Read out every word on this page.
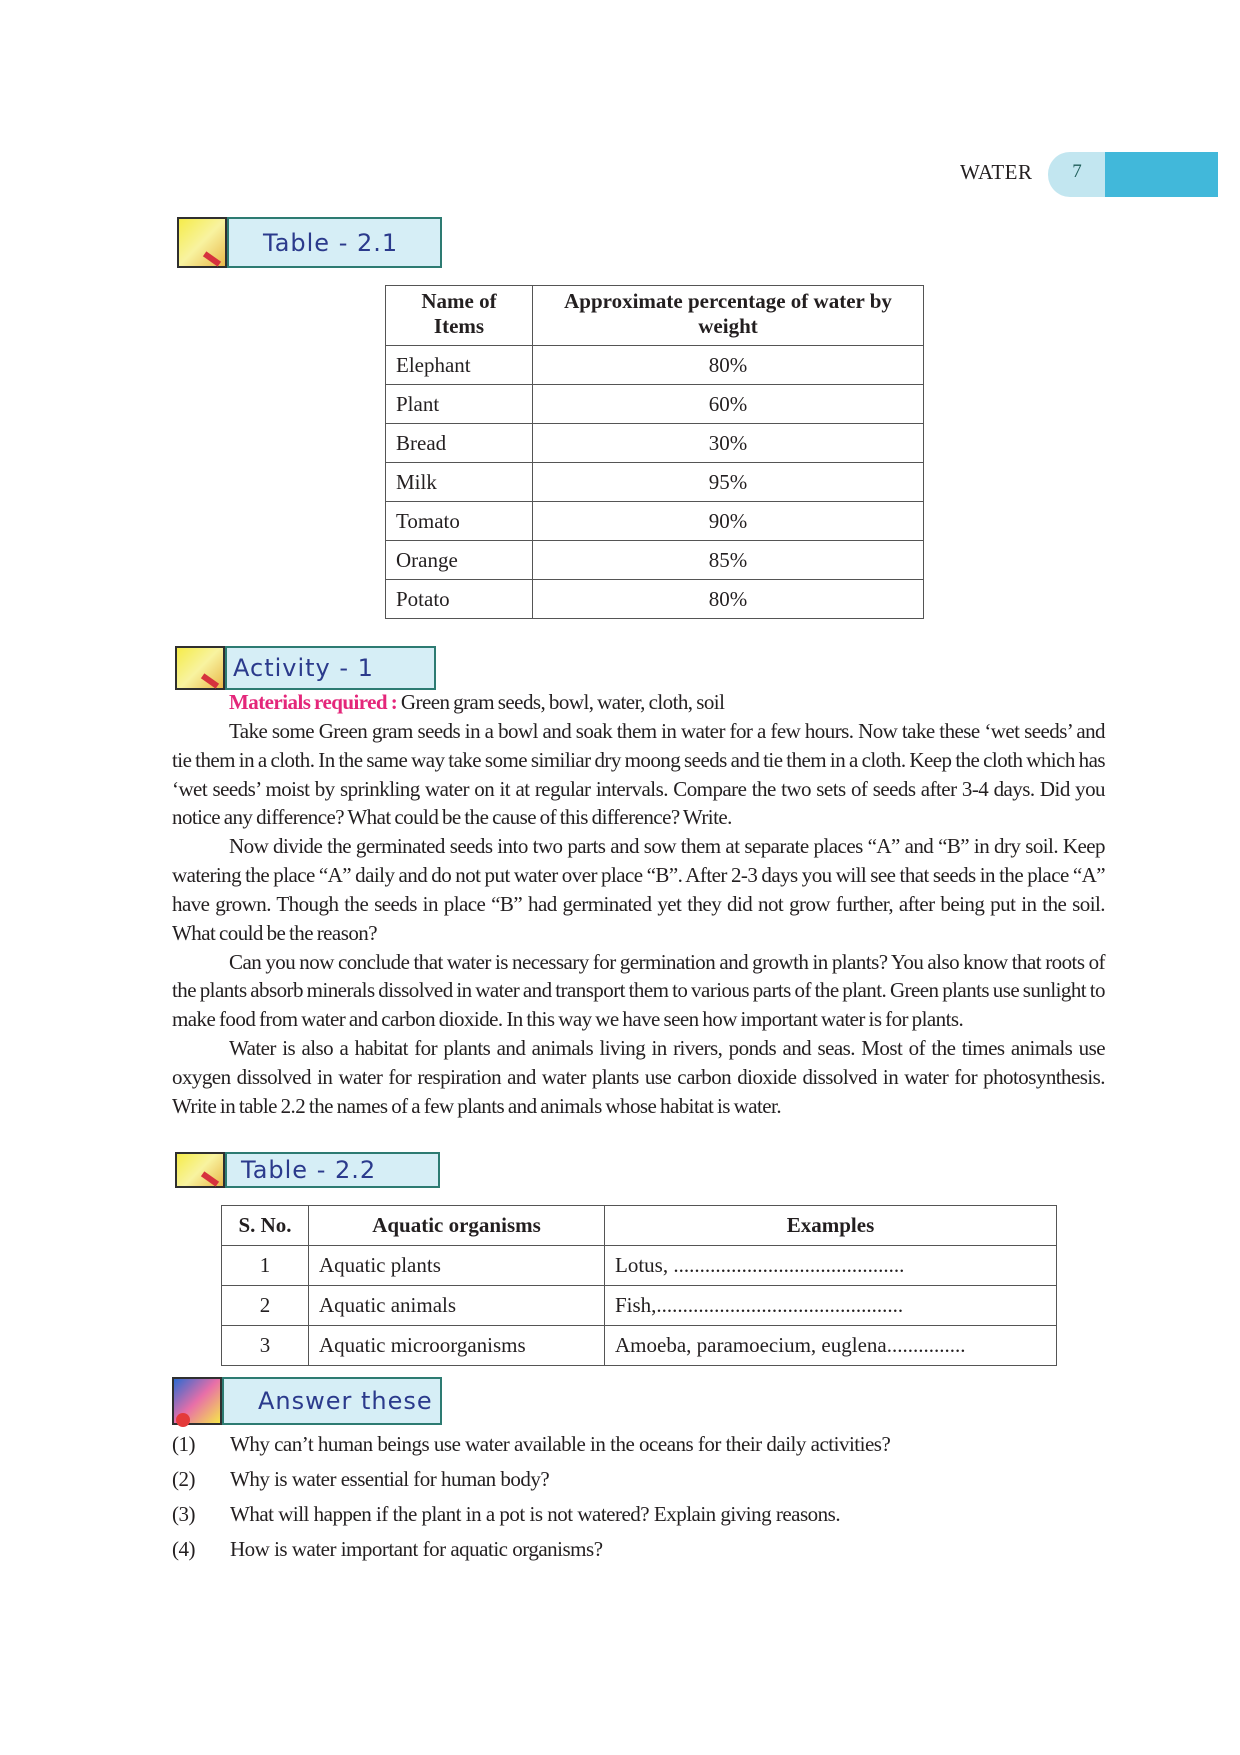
WATER	7
Table - 2.1
Name of Items	Approximate percentage of water by weight
Elephant	80%
Plant	60%
Bread	30%
Milk	95%
Tomato	90%
Orange	85%
Potato	80%
Activity - 1
Materials required : Green gram seeds, bowl, water, cloth, soil

Take some Green gram seeds in a bowl and soak them in water for a few hours. Now take these ‘wet seeds’ and tie them in a cloth. In the same way take some similiar dry moong seeds and tie them in a cloth. Keep the cloth which has ‘wet seeds’ moist by sprinkling water on it at regular intervals. Compare the two sets of seeds after 3-4 days. Did you notice any difference? What could be the cause of this difference? Write.

Now divide the germinated seeds into two parts and sow them at separate places “A” and “B” in dry soil. Keep watering the place “A” daily and do not put water over place “B”. After 2-3 days you will see that seeds in the place “A” have grown. Though the seeds in place “B” had germinated yet they did not grow further, after being put in the soil. What could be the reason?

Can you now conclude that water is necessary for germination and growth in plants? You also know that roots of the plants absorb minerals dissolved in water and transport them to various parts of the plant. Green plants use sunlight to make food from water and carbon dioxide. In this way we have seen how important water is for plants.

Water is also a habitat for plants and animals living in rivers, ponds and seas. Most of the times animals use oxygen dissolved in water for respiration and water plants use carbon dioxide dissolved in water for photosynthesis. Write in table 2.2 the names of a few plants and animals whose habitat is water.

Table - 2.2
S. No.	Aquatic organisms	Examples
1	Aquatic plants	Lotus, ............................................
2	Aquatic animals	Fish,...............................................
3	Aquatic microorganisms	Amoeba, paramoecium, euglena...............
Answer these
(1)	Why can’t human beings use water available in the oceans for their daily activities?
(2)	Why is water essential for human body?
(3)	What will happen if the plant in a pot is not watered? Explain giving reasons.
(4)	How is water important for aquatic organisms?
